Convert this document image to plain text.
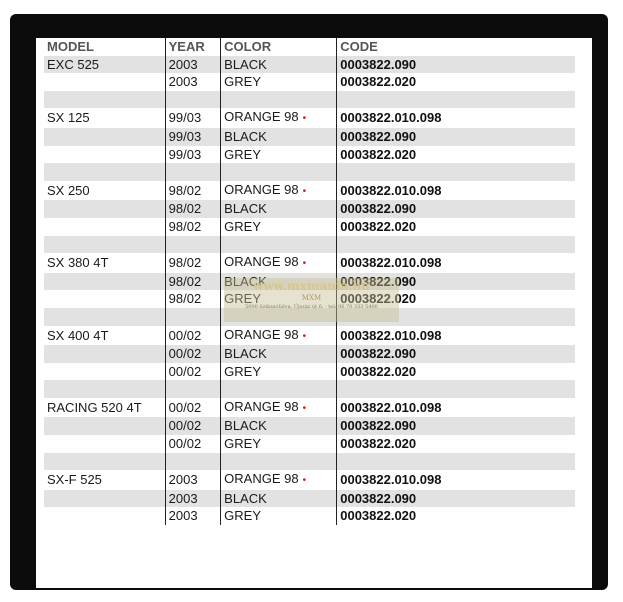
MODEL	YEAR	COLOR	CODE
EXC 525	2003	BLACK	0003822.090
	2003	GREY	0003822.020

SX 125	99/03	ORANGE 98 •	0003822.010.098
	99/03	BLACK	0003822.090
	99/03	GREY	0003822.020

SX 250	98/02	ORANGE 98 •	0003822.010.098
	98/02	BLACK	0003822.090
	98/02	GREY	0003822.020

SX 380 4T	98/02	ORANGE 98 •	0003822.010.098
	98/02	BLACK	0003822.090
	98/02	GREY	0003822.020

SX 400 4T	00/02	ORANGE 98 •	0003822.010.098
	00/02	BLACK	0003822.090
	00/02	GREY	0003822.020

RACING 520 4T	00/02	ORANGE 98 •	0003822.010.098
	00/02	BLACK	0003822.090
	00/02	GREY	0003822.020

SX-F 525	2003	ORANGE 98 •	0003822.010.098
	2003	BLACK	0003822.090
	2003	GREY	0003822.020
www.mxmania.hu
MXM
5000 Szikszófalva, Újszáz út 6. · tel: 06 70 333 5400
